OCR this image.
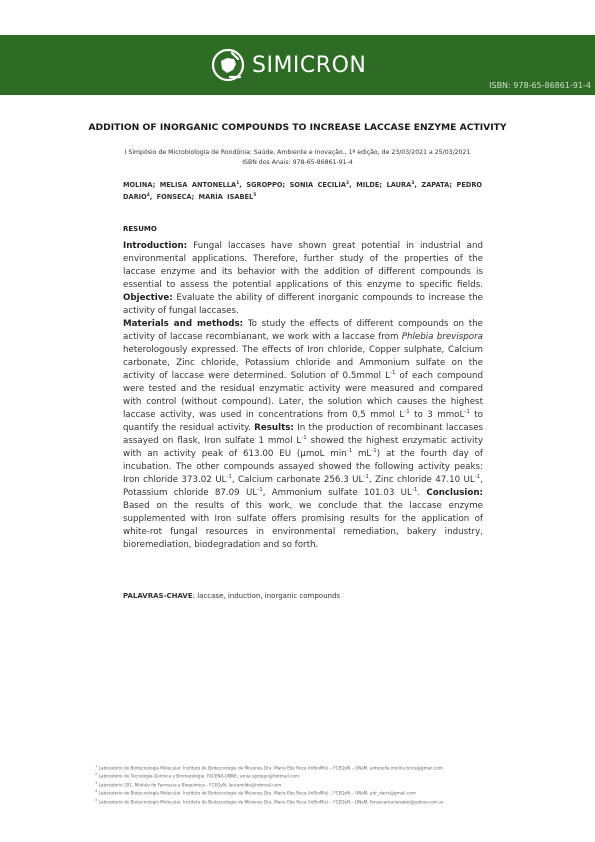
SIMICRON
ISBN: 978-65-86861-91-4
ADDITION OF INORGANIC COMPOUNDS TO INCREASE LACCASE ENZYME ACTIVITY
I Simpósio de Microbiologia de Rondônia: Saúde, Ambiente e Inovação., 1ª edição, de 23/03/2021 a 25/03/2021
ISBN dos Anais: 978-65-86861-91-4
MOLINA; MELISA ANTONELLA$^1$, SGROPPO; SONIA CECILIA$^2$, MILDE; LAURA$^3$, ZAPATA; PEDRO DARIO$^4$, FONSECA; MARÍA ISABEL$^5$
RESUMO

Introduction: Fungal laccases have shown great potential in industrial and environmental applications. Therefore, further study of the properties of the laccase enzyme and its behavior with the addition of different compounds is essential to assess the potential applications of this enzyme to specific fields. Objective: Evaluate the ability of different inorganic compounds to increase the activity of fungal laccases.

Materials and methods: To study the effects of different compounds on the activity of laccase recombianant, we work with a laccase from Phlebia brevispora heterologously expressed. The effects of Iron chloride, Copper sulphate, Calcium carbonate, Zinc chloride, Potassium chloride and Ammonium sulfate on the activity of laccase were determined. Solution of 0.5mmol $L^{-1}$ of each compound were tested and the residual enzymatic activity were measured and compared with control (without compound). Later, the solution which causes the highest laccase activity, was used in concentrations from 0,5 mmol $L^{-1}$ to 3 mmoL$^{-1}$ to quantify the residual activity. Results: In the production of recombinant laccases assayed on flask, Iron sulfate 1 mmol $L^{-1}$ showed the highest enzymatic activity with an activity peak of 613.00 EU (μmoL $\min^{-1} mL^{-1}$) at the fourth day of incubation. The other compounds assayed showed the following activity peaks: Iron chloride 373.02 $UL^{-1}$, Calcium carbonate 256.3 $UL^{-1}$, Zinc chloride 47.10 $UL^{-1}$, Potassium chloride 87.09 $UL^{-1}$, Ammonium sulfate 101.03 $UL^{-1}$. Conclusion: Based on the results of this work, we conclude that the laccase enzyme supplemented with Iron sulfate offers promising results for the application of white-rot fungal resources in environmental remediation, bakery industry, bioremediation, biodegradation and so forth.

PALAVRAS-CHAVE: laccase, induction, inorganic compounds
$^1$ Laboratorio de Biotecnología Molecular. Instituto de Biotecnología de Misiones Dra. María Ebe Reca (InBioMis) – FCEQyN – UNaM, antonella.molina.brica@gmail.com
$^2$ Laboratorio de Tecnología Química y Bromatología. FACENA-UNNE, sonia.sgroppo@hotmail.com
$^3$ Laboratorio 201. Módulo de Farmacia y Bioquímica - FCEQyN, lauramilde@hotmail.com
$^4$ Laboratorio de Biotecnología Molecular. Instituto de Biotecnología de Misiones Dra. María Ebe Reca (InBioMis) – FCEQyN – UNaM, pdr_dario@gmail.com
$^5$ Laboratorio de Biotecnología Molecular. Instituto de Biotecnología de Misiones Dra. María Ebe Reca (InBioMis) – FCEQyN – UNaM, fonsecamariaisabel@yahoo.com.ar
